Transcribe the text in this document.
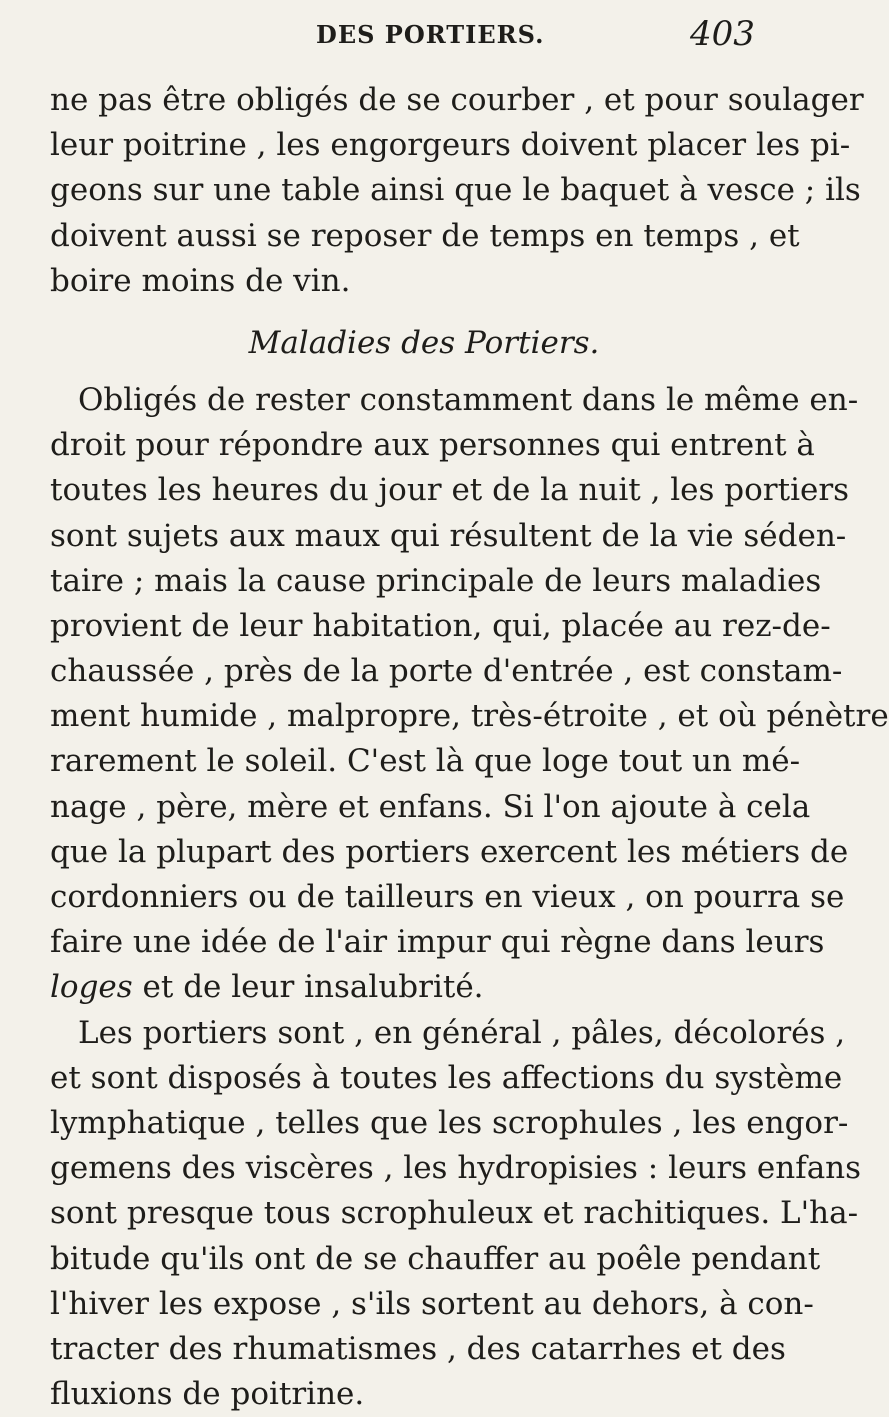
DES PORTIERS.	403
ne pas être obligés de se courber , et pour soulager
leur poitrine , les engorgeurs doivent placer les pi-
geons sur une table ainsi que le baquet à vesce ; ils
doivent aussi se reposer de temps en temps , et
boire moins de vin.
Maladies des Portiers.
Obligés de rester constamment dans le même en-
droit pour répondre aux personnes qui entrent à
toutes les heures du jour et de la nuit , les portiers
sont sujets aux maux qui résultent de la vie séden-
taire ; mais la cause principale de leurs maladies
provient de leur habitation, qui, placée au rez-de-
chaussée , près de la porte d'entrée , est constam-
ment humide , malpropre, très-étroite , et où pénètre
rarement le soleil. C'est là que loge tout un mé-
nage , père, mère et enfans. Si l'on ajoute à cela
que la plupart des portiers exercent les métiers de
cordonniers ou de tailleurs en vieux , on pourra se
faire une idée de l'air impur qui règne dans leurs
loges et de leur insalubrité.
Les portiers sont , en général , pâles, décolorés ,
et sont disposés à toutes les affections du système
lymphatique , telles que les scrophules , les engor-
gemens des viscères , les hydropisies : leurs enfans
sont presque tous scrophuleux et rachitiques. L'ha-
bitude qu'ils ont de se chauffer au poêle pendant
l'hiver les expose , s'ils sortent au dehors, à con-
tracter des rhumatismes , des catarrhes et des
fluxions de poitrine.
